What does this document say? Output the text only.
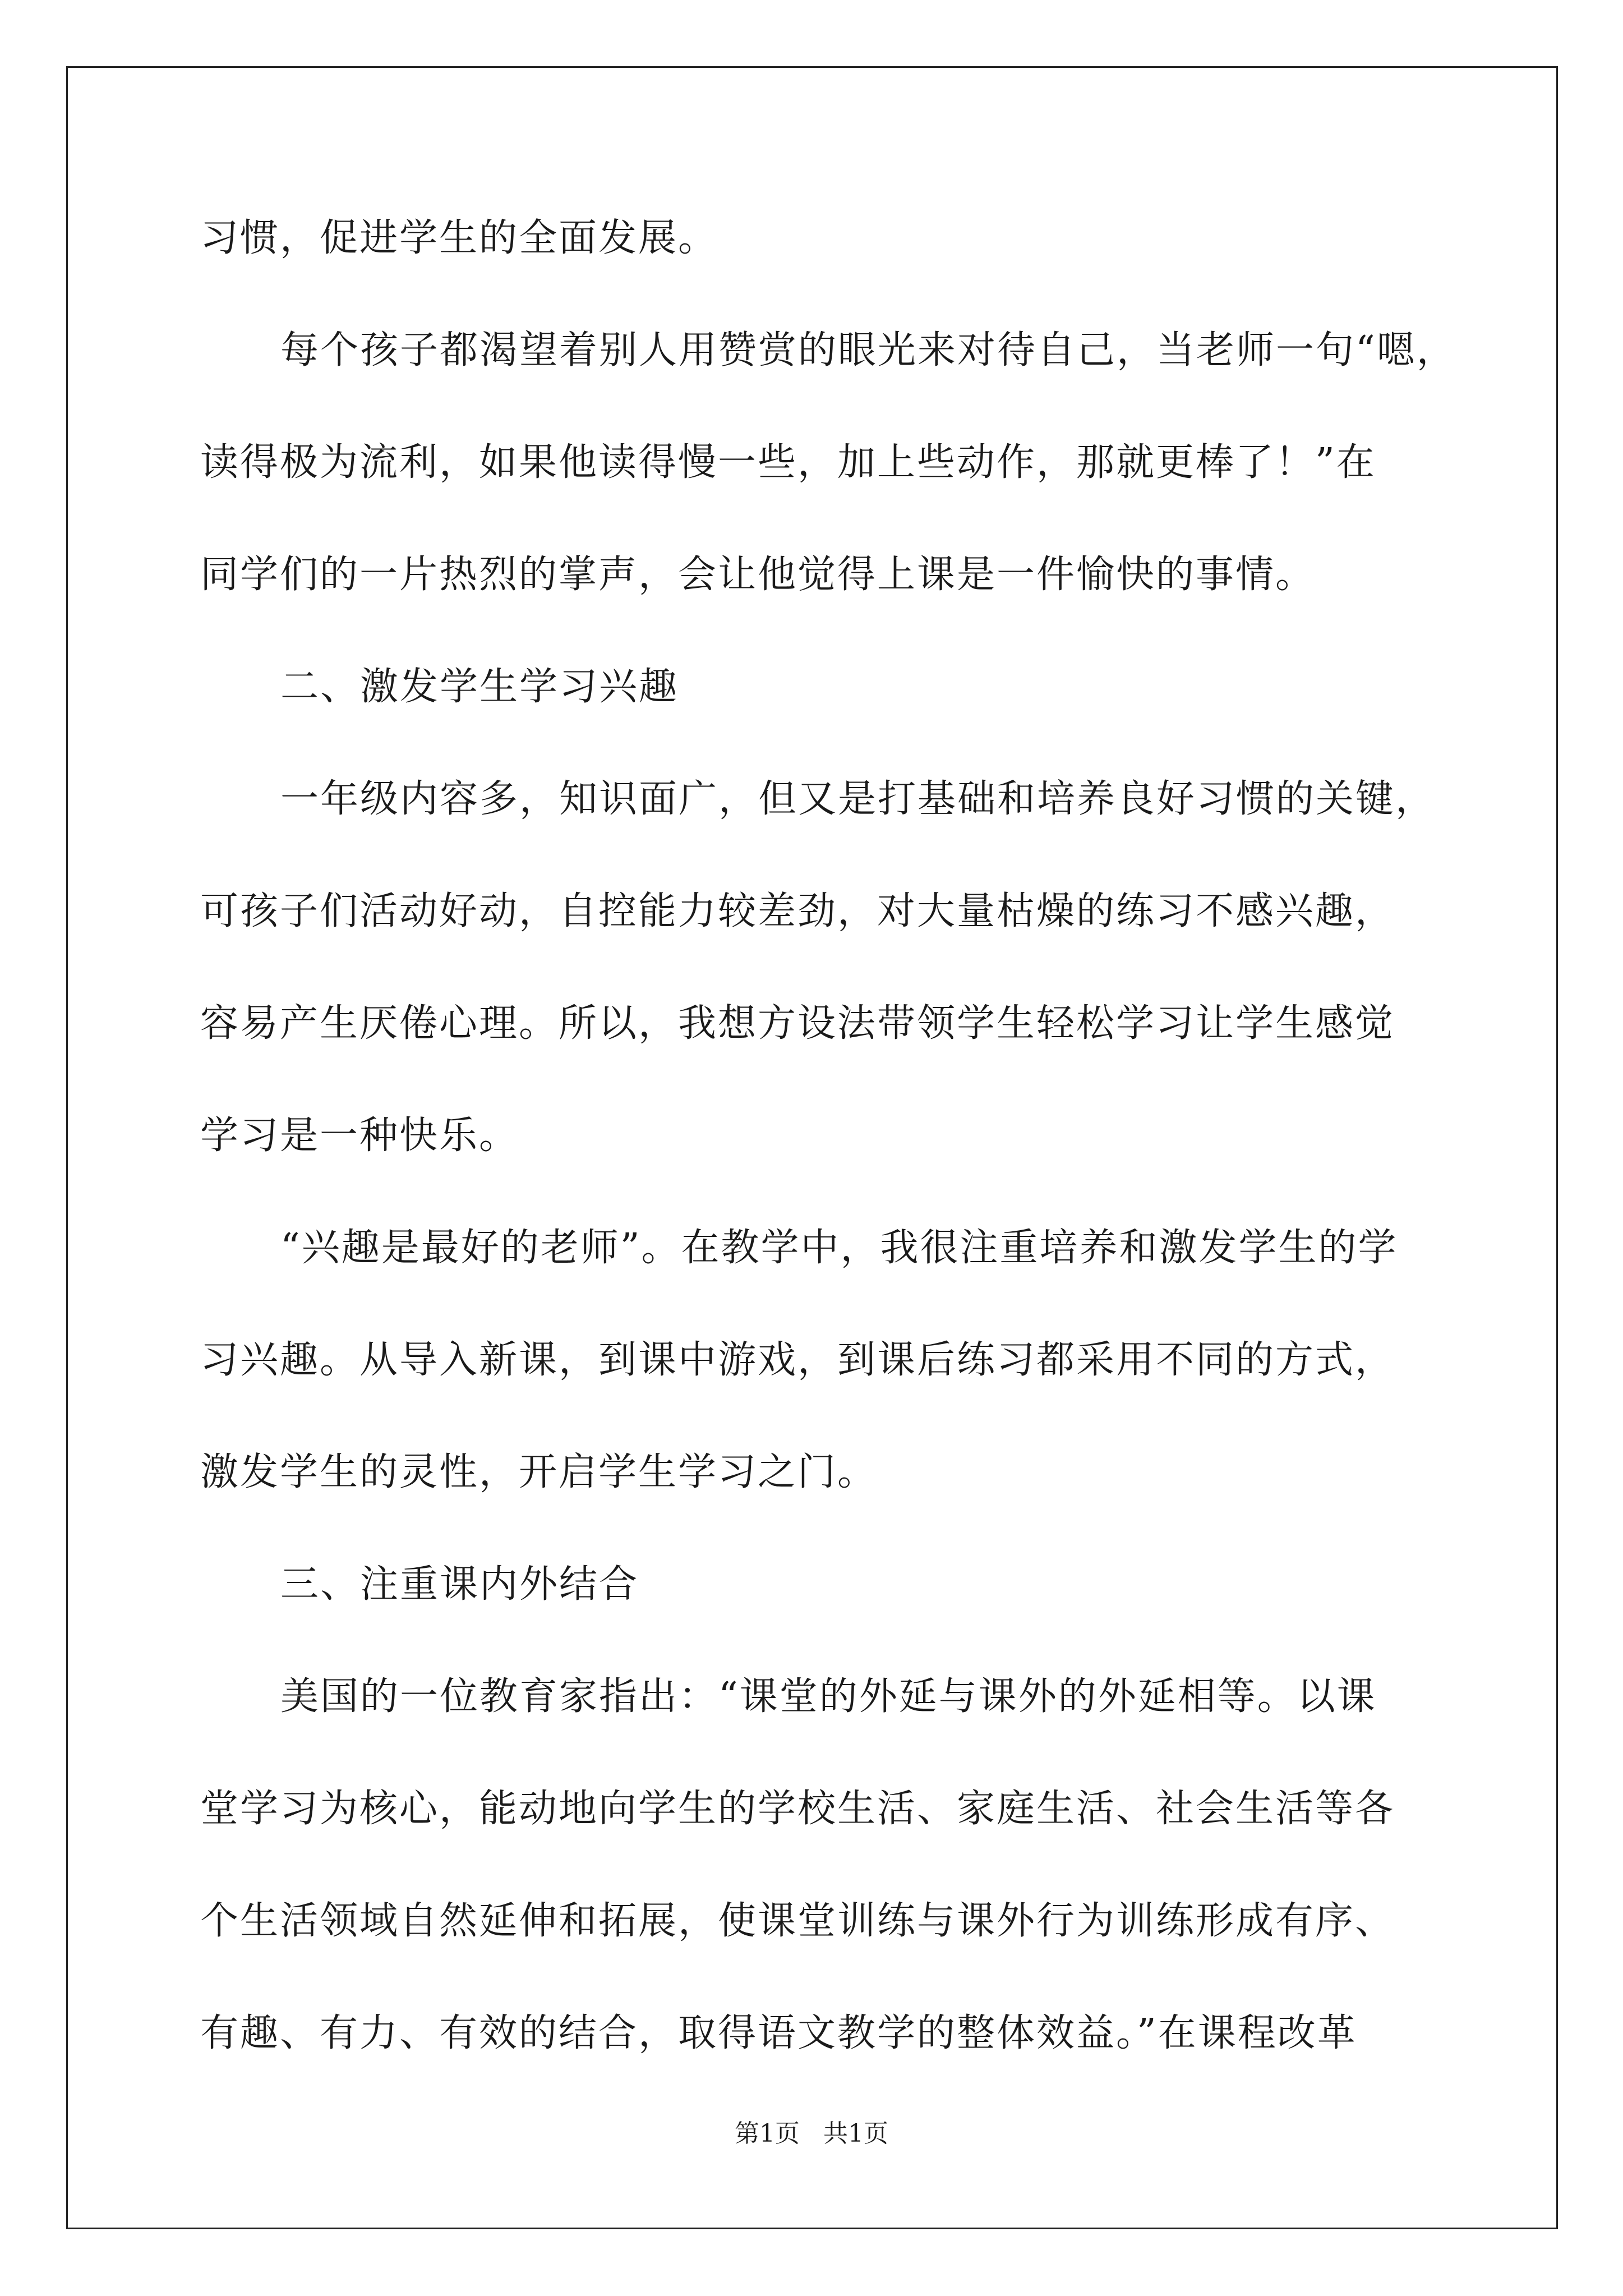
习惯，促进学生的全面发展。
每个孩子都渴望着别人用赞赏的眼光来对待自己，当老师一句“嗯，
读得极为流利，如果他读得慢一些，加上些动作，那就更棒了！”在
同学们的一片热烈的掌声，会让他觉得上课是一件愉快的事情。
二、激发学生学习兴趣
一年级内容多，知识面广，但又是打基础和培养良好习惯的关键，
可孩子们活动好动，自控能力较差劲，对大量枯燥的练习不感兴趣，
容易产生厌倦心理。所以，我想方设法带领学生轻松学习让学生感觉
学习是一种快乐。
“兴趣是最好的老师”。在教学中，我很注重培养和激发学生的学
习兴趣。从导入新课，到课中游戏，到课后练习都采用不同的方式，
激发学生的灵性，开启学生学习之门。
三、注重课内外结合
美国的一位教育家指出：“课堂的外延与课外的外延相等。以课
堂学习为核心，能动地向学生的学校生活、家庭生活、社会生活等各
个生活领域自然延伸和拓展，使课堂训练与课外行为训练形成有序、
有趣、有力、有效的结合，取得语文教学的整体效益。”在课程改革
第1页 共1页
